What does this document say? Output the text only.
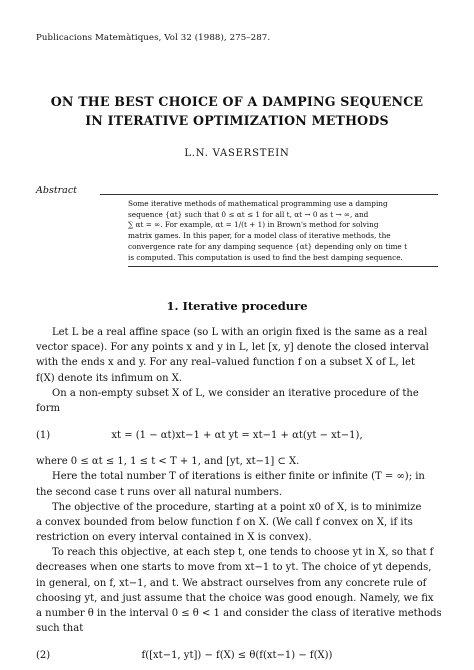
Publicacions Matemàtiques, Vol 32 (1988), 275–287.
ON THE BEST CHOICE OF A DAMPING SEQUENCE
IN ITERATIVE OPTIMIZATION METHODS
L.N. VASERSTEIN
Abstract
Some iterative methods of mathematical programming use a damping
sequence {αt} such that 0 ≤ αt ≤ 1 for all t, αt → 0 as t → ∞, and
∑ αt = ∞. For example, αt = 1/(t + 1) in Brown's method for solving
matrix games. In this paper, for a model class of iterative methods, the
convergence rate for any damping sequence {αt} depending only on time t
is computed. This computation is used to find the best damping sequence.
1. Iterative procedure
Let L be a real affine space (so L with an origin fixed is the same as a real
vector space). For any points x and y in L, let [x, y] denote the closed interval
with the ends x and y. For any real–valued function f on a subset X of L, let
f(X) denote its infimum on X.
On a non-empty subset X of L, we consider an iterative procedure of the
form
(1)	xt = (1 − αt)xt−1 + αt yt = xt−1 + αt(yt − xt−1),
where 0 ≤ αt ≤ 1, 1 ≤ t < T + 1, and [yt, xt−1] ⊂ X.
Here the total number T of iterations is either finite or infinite (T = ∞); in
the second case t runs over all natural numbers.
The objective of the procedure, starting at a point x0 of X, is to minimize
a convex bounded from below function f on X. (We call f convex on X, if its
restriction on every interval contained in X is convex).
To reach this objective, at each step t, one tends to choose yt in X, so that f
decreases when one starts to move from xt−1 to yt. The choice of yt depends,
in general, on f, xt−1, and t. We abstract ourselves from any concrete rule of
choosing yt, and just assume that the choice was good enough. Namely, we fix
a number θ in the interval 0 ≤ θ < 1 and consider the class of iterative methods
such that
(2)	f([xt−1, yt]) − f(X) ≤ θ(f(xt−1) − f(X))
